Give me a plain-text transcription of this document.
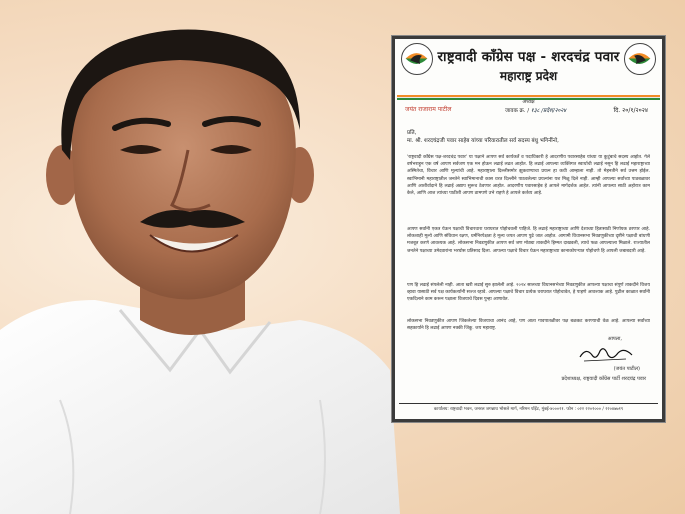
राष्ट्रवादी काँग्रेस पक्ष - शरदचंद्र पवार
महाराष्ट्र प्रदेश
जयंत राजाराम पाटील
अध्यक्ष
जावक क्र. / १३८ /प्रदेश/२०२४	दि. २०/१/२०२४
प्रति,
मा. श्री. शरदचंद्रजी पवार साहेब यांच्या परिवारातील सर्व सदस्य बंधु भगिनींनो,
'राष्ट्रवादी काँग्रेस पक्ष-शरदचंद्र पवार' या पक्षाने आपण सर्व कार्यकर्ते व पदाधिकारी हे आदरणीय पवारसाहेब यांच्या या कुटुंबाचे सदस्य आहोत. गेले वर्षभराहून एक वर्ष आपण सर्वजण एक मन होऊन लढाई लढत आहोत. हि लढाई आपल्या व्यक्तिगत स्वार्थाची लढाई नसून हि लढाई महाराष्ट्राच्या अस्मितेचा, विचार आणि मूल्यांची आहे. महाराष्ट्राला दिल्लीसमोर झुकवण्याचा प्रयत्न हा कधी आम्हाला नाही. तो मेहनतीने सर्व उत्तम होईल. स्वाभिमानी महाराष्ट्रातील जनतेने स्वाभिमानाची कास धरत दिल्लीने पाठवलेल्या प्रयत्नांना यश मिळू दिले नाही. आम्ही आपल्या सर्वांच्या पाठबळावर आणि आशीर्वादाने हि लढाई अद्याप सुरूच ठेवणार आहोत. आदरणीय पवारसाहेब हे आपले मार्गदर्शक आहेत. त्यांनी आपल्या साठी अहोरात्र काम केले, आणि आज त्यांच्या पाठीशी आपण ठामपणे उभे राहणे हे आपले कर्तव्य आहे.
आपण सर्वांनी एकत्र येऊन पक्षाची विचारधारा घराघरात पोहोचवली पाहिजे. हि लढाई महाराष्ट्राच्या आणि देशाच्या हितासाठी निर्णायक ठरणार आहे. लोकशाही मूल्ये आणि संविधान रक्षण, धर्मनिरपेक्षता हे मूल्य जपत आपण पुढे जात आहोत. आगामी विधानसभा निवडणुकीच्या दृष्टीने पक्षाची बांधणी मजबूत करणे आवश्यक आहे. लोकसभा निवडणुकीत आपण सर्व जण मोठ्या ताकदीने हिम्मत दाखवली, त्याचे फळ आपल्याला मिळाले. राज्यातील जनतेने पक्षाच्या उमेदवारांना भरघोस प्रतिसाद दिला. आपल्या पक्षाचे विचार घेऊन महाराष्ट्राच्या कानाकोपऱ्यात पोहोचणे हि आपली जबाबदारी आहे.
पण हि लढाई संपलेली नाही. आता खरी लढाई सुरु झालेली आहे. २०२४ सालच्या विधानसभेच्या निवडणुकीत आपल्या पक्षाचा संपूर्ण ताकदीने विजय व्हावा यासाठी सर्व पक्ष कार्यकर्त्यांनी सज्ज रहावे. आपल्या पक्षाचे विचार प्रत्येक घराघरात पोहोचावेत, हे पाहणे आवश्यक आहे. पुढील काळात सर्वांनी एकदिलाने काम करून पक्षाला विजयाचे दिवस पुन्हा आणावेत.
लोकसभा निवडणुकीत आपण जिंकलेल्या विजयाचा आनंद आहे, पण आता गावपातळीवर पक्ष बळकट करण्याची वेळ आहे. आपल्या सर्वांच्या सहकार्याने हि लढाई आपण नक्की जिंकू. जय महाराष्ट्र.
आपला,
(जयंत पाटील)
प्रदेशाध्यक्ष, राष्ट्रवादी काँग्रेस पार्टी शरदचंद्र पवार
कार्यालय: राष्ट्रवादी भवन, जनरल जगन्नाथ भोसले मार्ग, नरिमन पॉईंट, मुंबई-४०००२१. फोन : ०२२ २२०२००० / २२०४७७१९
